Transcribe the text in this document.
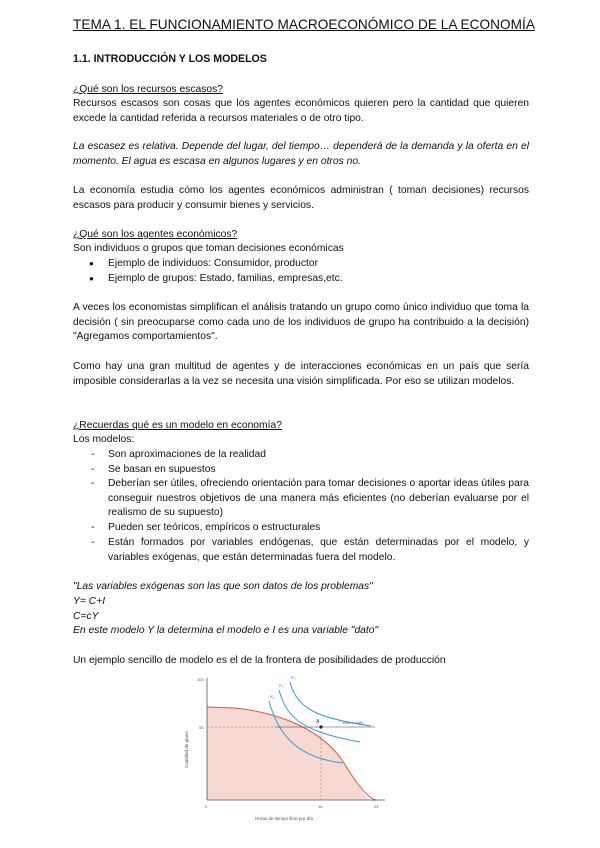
TEMA 1. EL FUNCIONAMIENTO MACROECONÓMICO DE LA ECONOMÍA
1.1. INTRODUCCIÓN Y LOS MODELOS
¿Qué son los recursos escasos?
Recursos escasos son cosas que los agentes económicos quieren pero la cantidad que quieren excede la cantidad referida a recursos materiales o de otro tipo.
La escasez es relativa. Depende del lugar, del tiempo… dependerá de la demanda y la oferta en el momento. El agua es escasa en algunos lugares y en otros no.
La economía estudia cómo los agentes económicos administran ( toman decisiones) recursos escasos para producir y consumir bienes y servicios.
¿Qué son los agentes económicos?
Son individuos o grupos que toman decisiones económicas
● Ejemplo de individuos: Consumidor, productor
● Ejemplo de grupos: Estado, familias, empresas,etc.
A veces los economistas simplifican el análisis tratando un grupo como único individuo que toma la decisión ( sin preocuparse como cada uno de los individuos de grupo ha contribuido a la decisión) "Agregamos comportamientos".
Como hay una gran multitud de agentes y de interacciones económicas en un país que sería imposible considerarlas a la vez se necesita una visión simplificada. Por eso se utilizan modelos.
¿Recuerdas qué es un modelo en economía?
Los modelos:
- Son aproximaciones de la realidad
- Se basan en supuestos
- Deberían ser útiles, ofreciendo orientación para tomar decisiones o aportar ideas útiles para conseguir nuestros objetivos de una manera más eficientes (no deberían evaluarse por el realismo de su supuesto)
- Pueden ser teóricos, empíricos o estructurales
- Están formados por variables endógenas, que están determinadas por el modelo, y variables exógenas, que están determinadas fuera del modelo.
"Las variables exógenas son las que son datos de los problemas"
Y= C+I
C=cY
En este modelo Y la determina el modelo e I es una variable "dato"
Un ejemplo sencillo de modelo es el de la frontera de posibilidades de producción
A	I/W₀ = 1/W₁
K₁
K₂
K₃
100
55
0	16	24
Cantidad de grano
Horas de tiempo libre por día
